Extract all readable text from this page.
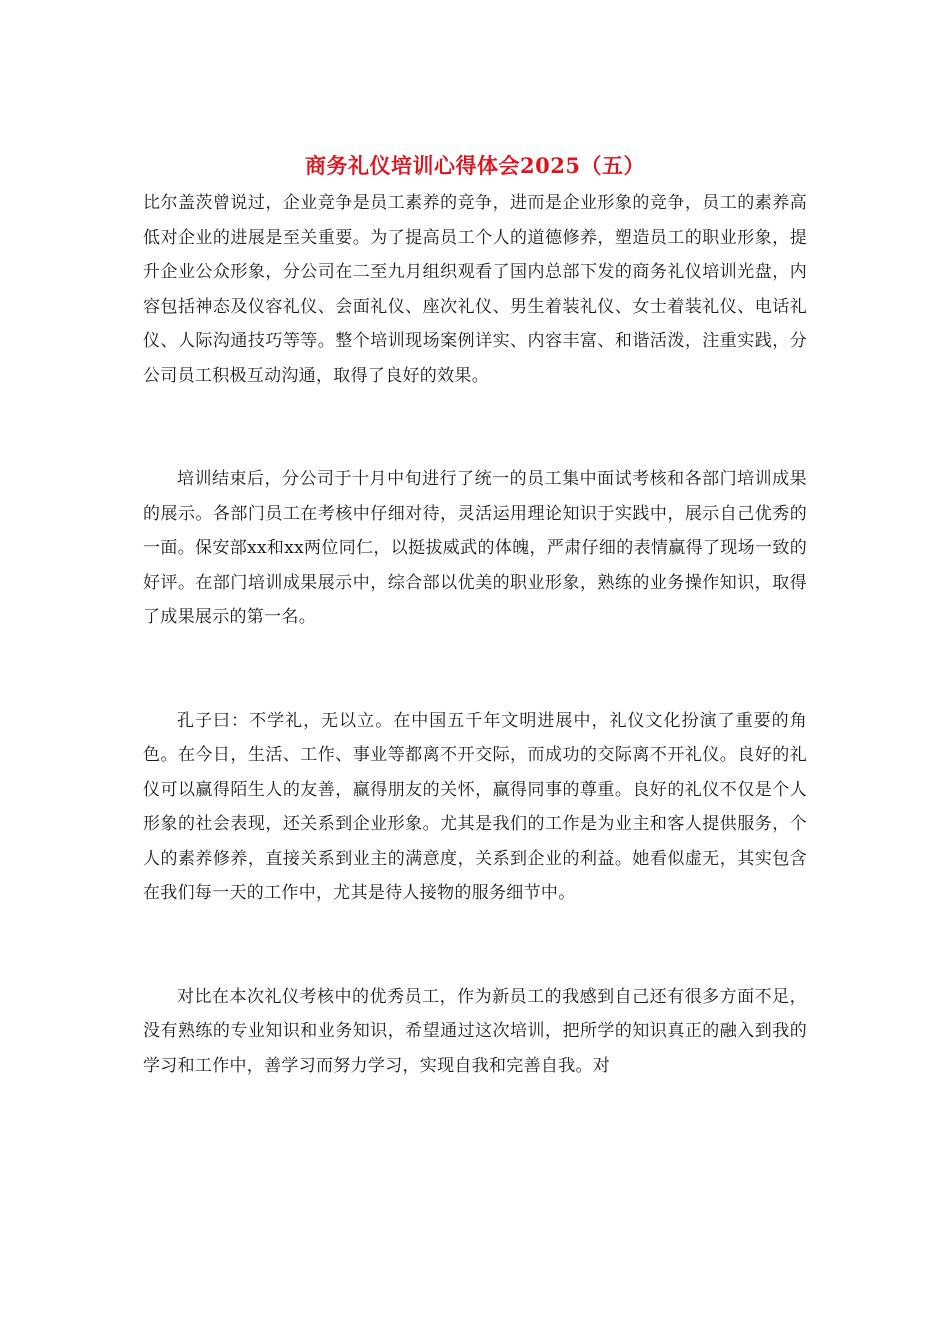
商务礼仪培训心得体会2025（五）

比尔盖茨曾说过，企业竞争是员工素养的竞争，进而是企业形象的竞争，员工的素养高低对企业的进展是至关重要。为了提高员工个人的道德修养，塑造员工的职业形象，提升企业公众形象，分公司在二至九月组织观看了国内总部下发的商务礼仪培训光盘，内容包括神态及仪容礼仪、会面礼仪、座次礼仪、男生着装礼仪、女士着装礼仪、电话礼仪、人际沟通技巧等等。整个培训现场案例详实、内容丰富、和谐活泼，注重实践，分公司员工积极互动沟通，取得了良好的效果。

培训结束后，分公司于十月中旬进行了统一的员工集中面试考核和各部门培训成果的展示。各部门员工在考核中仔细对待，灵活运用理论知识于实践中，展示自己优秀的一面。保安部xx和xx两位同仁，以挺拔威武的体魄，严肃仔细的表情赢得了现场一致的好评。在部门培训成果展示中，综合部以优美的职业形象，熟练的业务操作知识，取得了成果展示的第一名。

孔子曰：不学礼，无以立。在中国五千年文明进展中，礼仪文化扮演了重要的角色。在今日，生活、工作、事业等都离不开交际，而成功的交际离不开礼仪。良好的礼仪可以赢得陌生人的友善，赢得朋友的关怀，赢得同事的尊重。良好的礼仪不仅是个人形象的社会表现，还关系到企业形象。尤其是我们的工作是为业主和客人提供服务，个人的素养修养，直接关系到业主的满意度，关系到企业的利益。她看似虚无，其实包含在我们每一天的工作中，尤其是待人接物的服务细节中。

对比在本次礼仪考核中的优秀员工，作为新员工的我感到自己还有很多方面不足，没有熟练的专业知识和业务知识，希望通过这次培训，把所学的知识真正的融入到我的学习和工作中，善学习而努力学习，实现自我和完善自我。对
